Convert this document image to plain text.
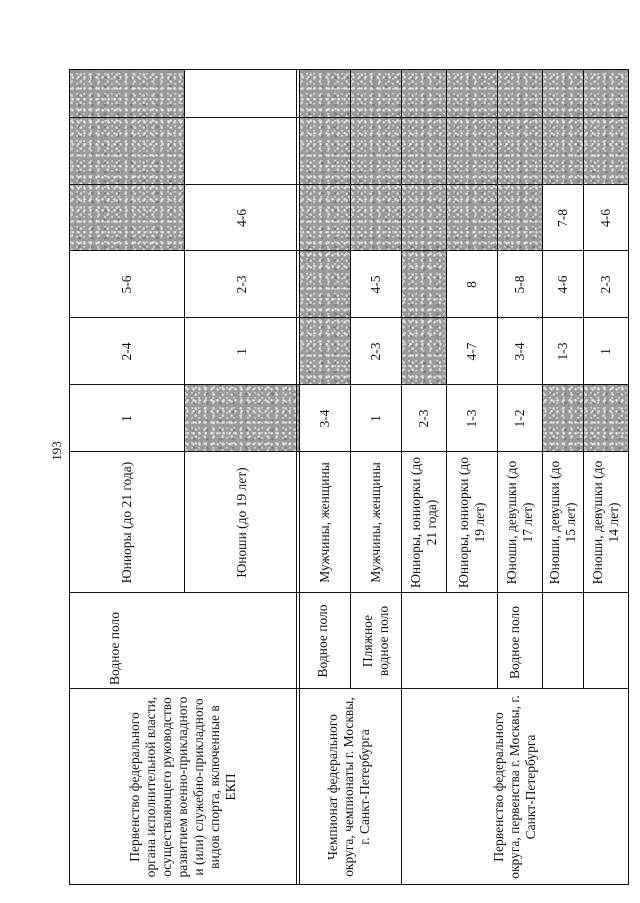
193
Первенство федерального органа исполнительной власти, осуществляющего руководство развитием военно-прикладного и (или) служебно-прикладного видов спорта, включенные в ЕКП
Водное поло
Чемпионат федерального округа, чемпионаты г. Москвы, г. Санкт-Петербурга
Водное поло	Пляжное водное поло
Первенство федерального округа, первенства г. Москвы, г. Санкт-Петербурга
Водное поло
Юниоры (до 21 года)
1
2-4
5-6
Юноши (до 19 лет)
1
2-3
4-6
Мужчины, женщины
3-4
Мужчины, женщины
1
2-3
4-5
Юниоры, юниорки (до 21 года)
2-3
Юниоры, юниорки (до 19 лет)
1-3
4-7
8
Юноши, девушки (до 17 лет)
1-2
3-4
5-8
Юноши, девушки (до 15 лет)
1-3
4-6
7-8
Юноши, девушки (до 14 лет)
1
2-3
4-6
